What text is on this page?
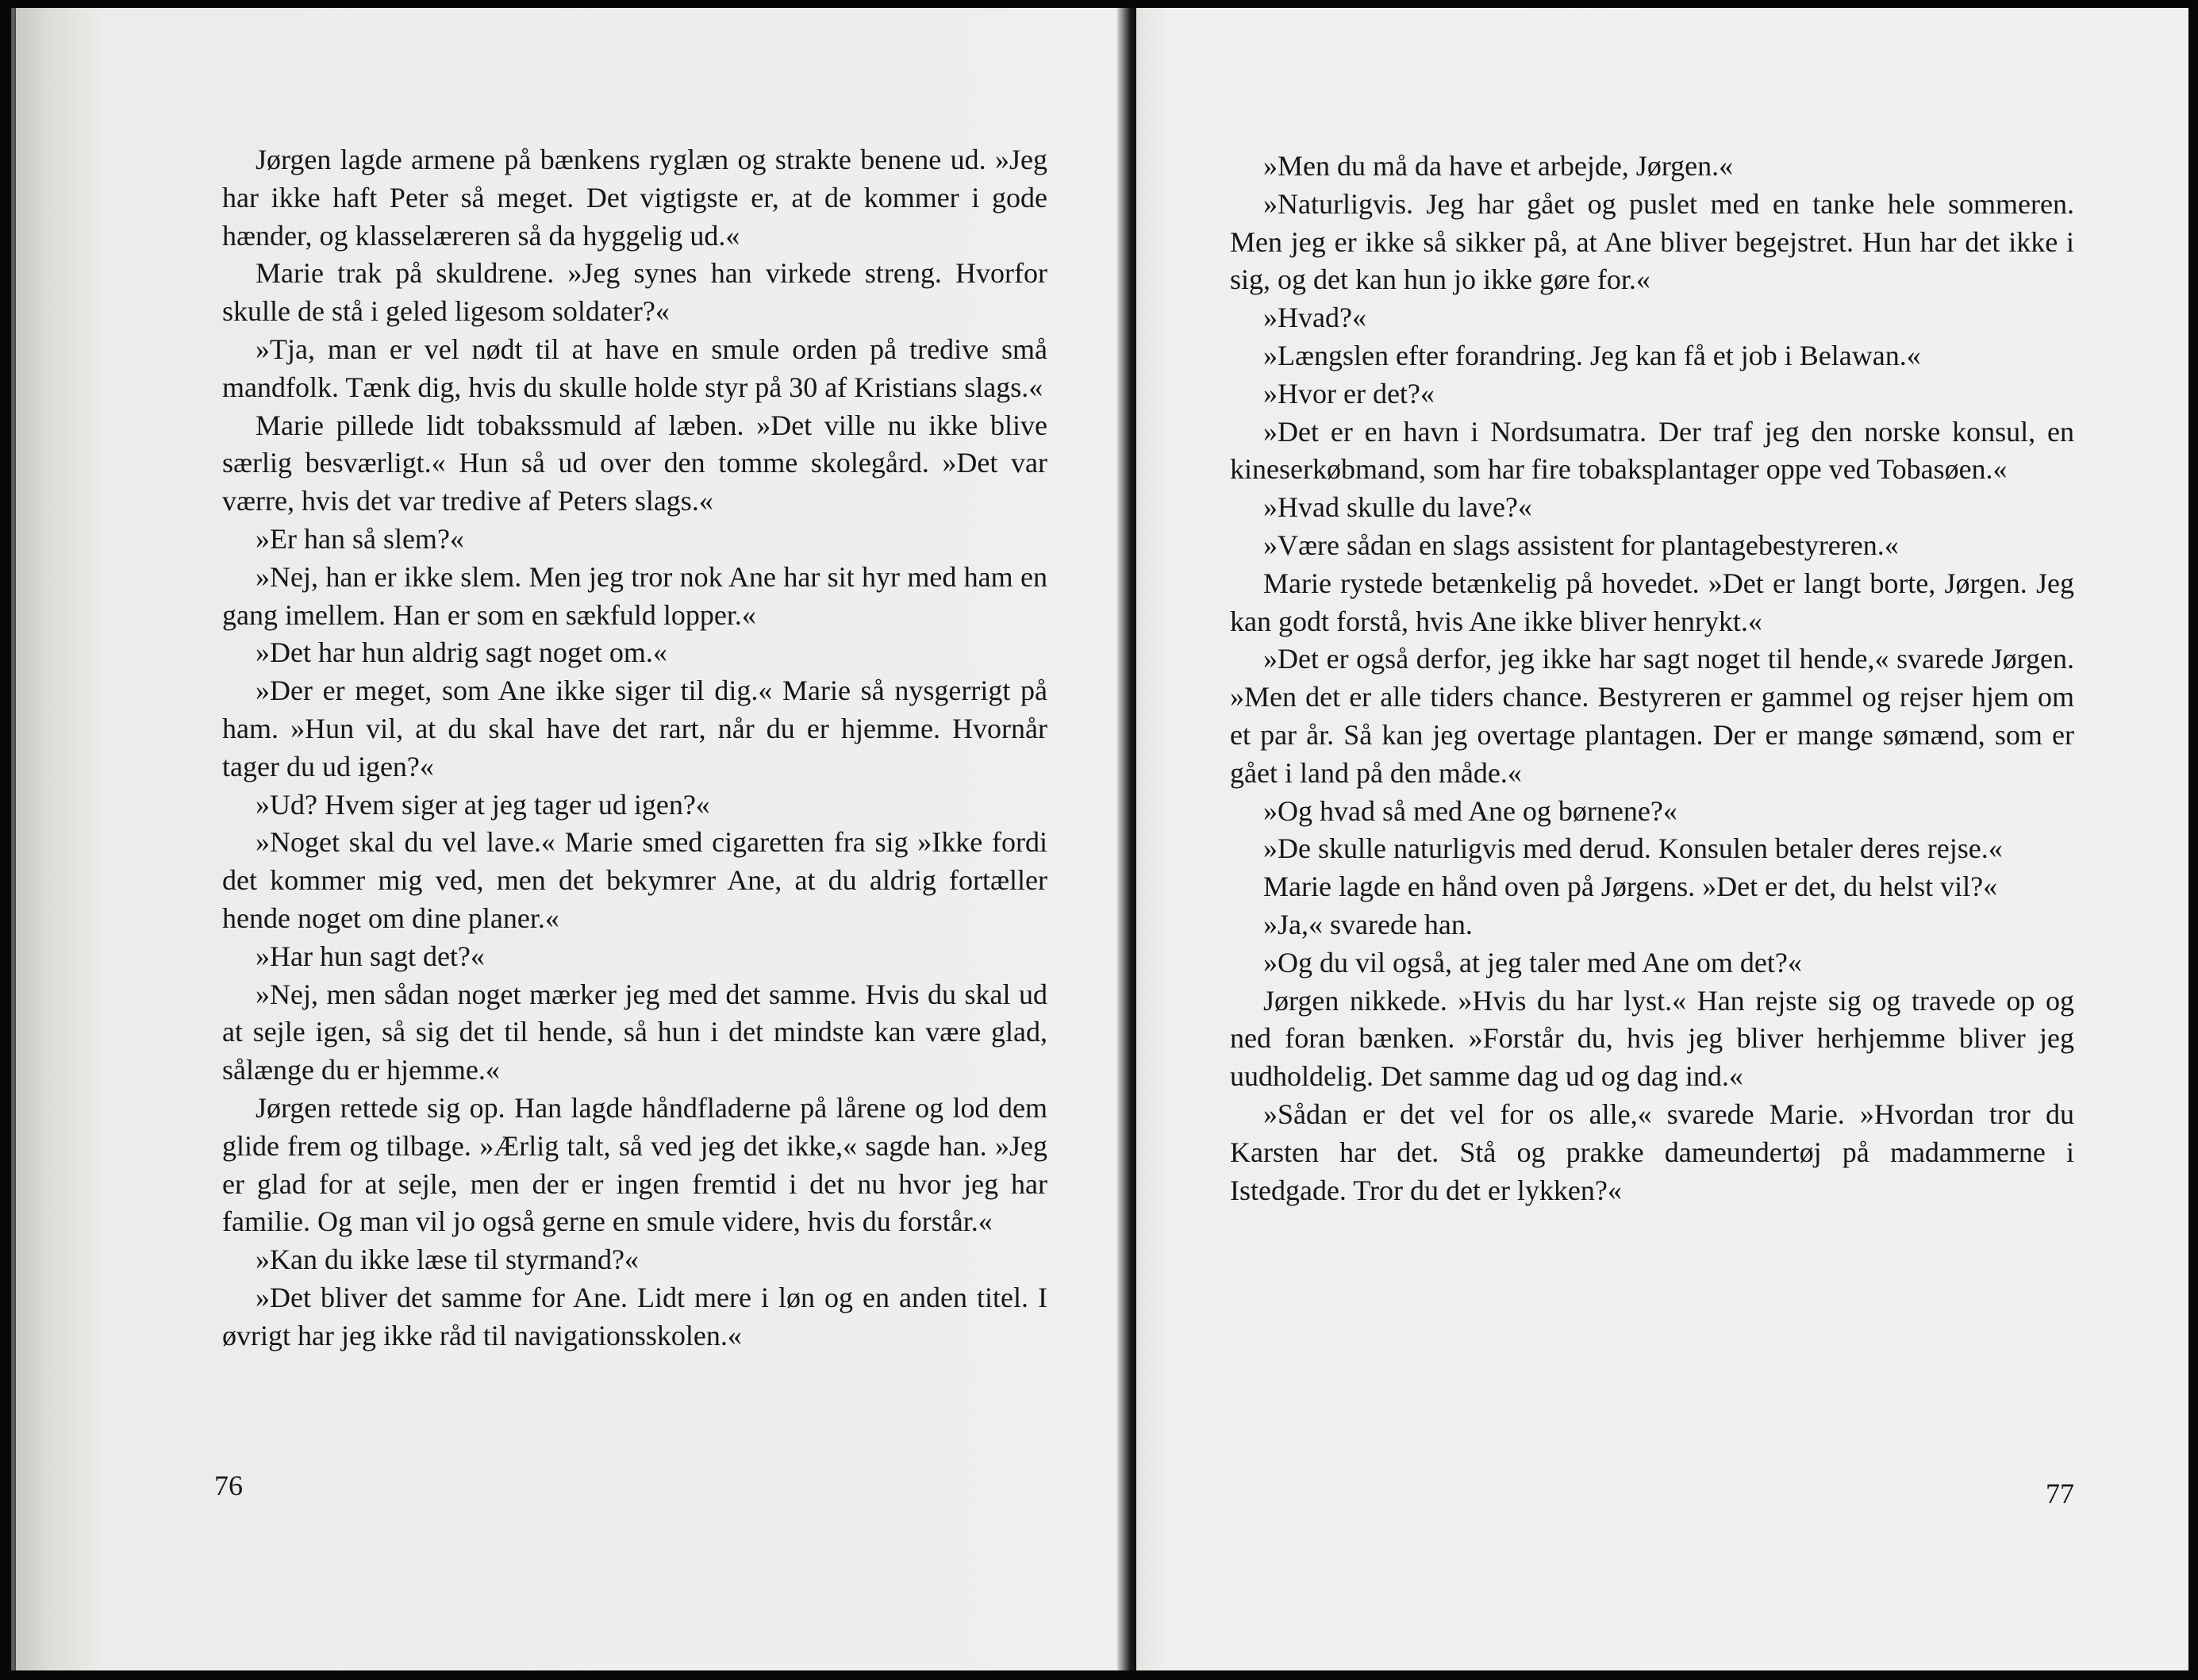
Jørgen lagde armene på bænkens ryglæn og strakte benene ud. »Jeg har ikke haft Peter så meget. Det vigtigste er, at de kommer i gode hænder, og klasselæreren så da hyggelig ud.«

Marie trak på skuldrene. »Jeg synes han virkede streng. Hvorfor skulle de stå i geled ligesom soldater?«

»Tja, man er vel nødt til at have en smule orden på tredive små mandfolk. Tænk dig, hvis du skulle holde styr på 30 af Kristians slags.«

Marie pillede lidt tobakssmuld af læben. »Det ville nu ikke blive særlig besværligt.« Hun så ud over den tomme skolegård. »Det var værre, hvis det var tredive af Peters slags.«

»Er han så slem?«

»Nej, han er ikke slem. Men jeg tror nok Ane har sit hyr med ham en gang imellem. Han er som en sækfuld lopper.«

»Det har hun aldrig sagt noget om.«

»Der er meget, som Ane ikke siger til dig.« Marie så nysgerrigt på ham. »Hun vil, at du skal have det rart, når du er hjemme. Hvornår tager du ud igen?«

»Ud? Hvem siger at jeg tager ud igen?«

»Noget skal du vel lave.« Marie smed cigaretten fra sig »Ikke fordi det kommer mig ved, men det bekymrer Ane, at du aldrig fortæller hende noget om dine planer.«

»Har hun sagt det?«

»Nej, men sådan noget mærker jeg med det samme. Hvis du skal ud at sejle igen, så sig det til hende, så hun i det mindste kan være glad, sålænge du er hjemme.«

Jørgen rettede sig op. Han lagde håndfladerne på lårene og lod dem glide frem og tilbage. »Ærlig talt, så ved jeg det ikke,« sagde han. »Jeg er glad for at sejle, men der er ingen fremtid i det nu hvor jeg har familie. Og man vil jo også gerne en smule videre, hvis du forstår.«

»Kan du ikke læse til styrmand?«

»Det bliver det samme for Ane. Lidt mere i løn og en anden titel. I øvrigt har jeg ikke råd til navigationsskolen.«

76

»Men du må da have et arbejde, Jørgen.«

»Naturligvis. Jeg har gået og puslet med en tanke hele sommeren. Men jeg er ikke så sikker på, at Ane bliver begejstret. Hun har det ikke i sig, og det kan hun jo ikke gøre for.«

»Hvad?«

»Længslen efter forandring. Jeg kan få et job i Belawan.«

»Hvor er det?«

»Det er en havn i Nordsumatra. Der traf jeg den norske konsul, en kineserkøbmand, som har fire tobaksplantager oppe ved Tobasøen.«

»Hvad skulle du lave?«

»Være sådan en slags assistent for plantagebestyreren.«

Marie rystede betænkelig på hovedet. »Det er langt borte, Jørgen. Jeg kan godt forstå, hvis Ane ikke bliver henrykt.«

»Det er også derfor, jeg ikke har sagt noget til hende,« svarede Jørgen. »Men det er alle tiders chance. Bestyreren er gammel og rejser hjem om et par år. Så kan jeg overtage plantagen. Der er mange sømænd, som er gået i land på den måde.«

»Og hvad så med Ane og børnene?«

»De skulle naturligvis med derud. Konsulen betaler deres rejse.«

Marie lagde en hånd oven på Jørgens. »Det er det, du helst vil?«

»Ja,« svarede han.

»Og du vil også, at jeg taler med Ane om det?«

Jørgen nikkede. »Hvis du har lyst.« Han rejste sig og travede op og ned foran bænken. »Forstår du, hvis jeg bliver herhjemme bliver jeg uudholdelig. Det samme dag ud og dag ind.«

»Sådan er det vel for os alle,« svarede Marie. »Hvordan tror du Karsten har det. Stå og prakke dameundertøj på madammerne i Istedgade. Tror du det er lykken?«

77
